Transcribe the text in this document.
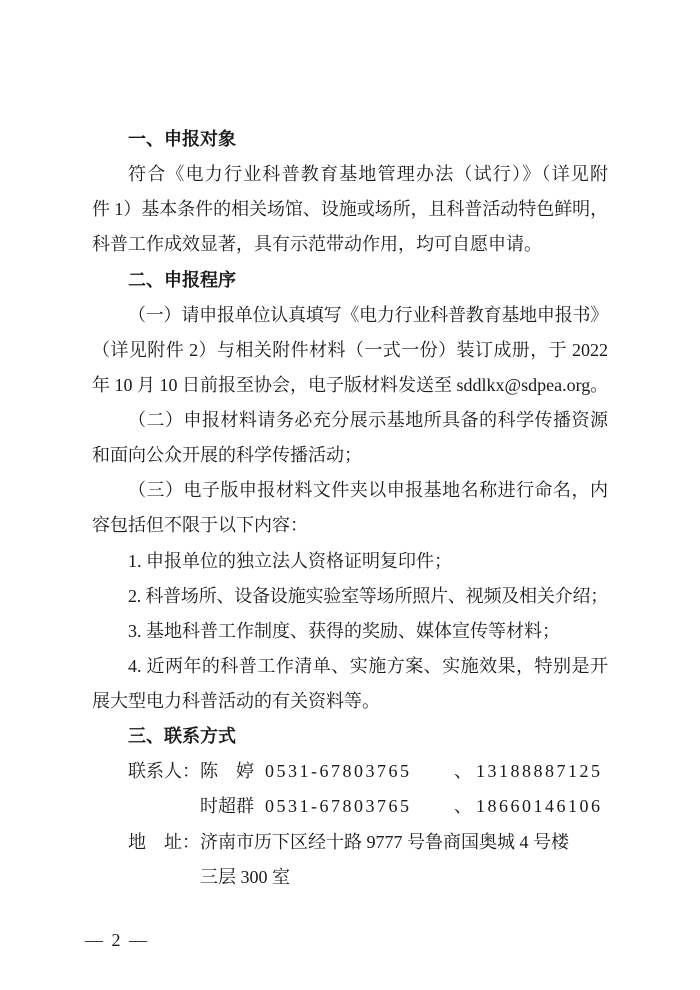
一、申报对象
符合《电力行业科普教育基地管理办法（试行）》（详见附
件 1）基本条件的相关场馆、设施或场所，且科普活动特色鲜明，
科普工作成效显著，具有示范带动作用，均可自愿申请。
二、申报程序
（一）请申报单位认真填写《电力行业科普教育基地申报书》
（详见附件 2）与相关附件材料（一式一份）装订成册，于 2022
年 10 月 10 日前报至协会，电子版材料发送至 sddlkx@sdpea.org。
（二）申报材料请务必充分展示基地所具备的科学传播资源
和面向公众开展的科学传播活动；
（三）电子版申报材料文件夹以申报基地名称进行命名，内
容包括但不限于以下内容：
1. 申报单位的独立法人资格证明复印件；
2. 科普场所、设备设施实验室等场所照片、视频及相关介绍；
3. 基地科普工作制度、获得的奖励、媒体宣传等材料；
4. 近两年的科普工作清单、实施方案、实施效果，特别是开
展大型电力科普活动的有关资料等。
三、联系方式
联系人： 陈　婷 0531-67803765	、 13188887125
时超群 0531-67803765	、 18660146106
地　址： 济南市历下区经十路 9777 号鲁商国奥城 4 号楼
三层 300 室
— 2 —
